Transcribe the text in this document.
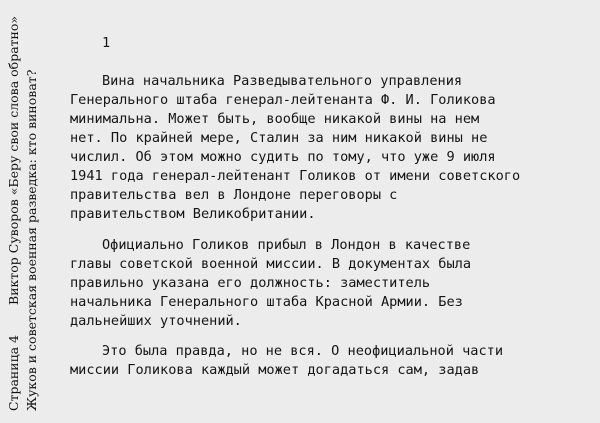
Страница 4Виктор Суворов «Беру свои слова обратно» Жуков и советская военная разведка: кто виноват?
1
Вина начальника Разведывательного управления
Генерального штаба генерал-лейтенанта Ф. И. Голикова
минимальна. Может быть, вообще никакой вины на нем
нет. По крайней мере, Сталин за ним никакой вины не
числил. Об этом можно судить по тому, что уже 9 июля
1941 года генерал-лейтенант Голиков от имени советского
правительства вел в Лондоне переговоры с
правительством Великобритании.
Официально Голиков прибыл в Лондон в качестве
главы советской военной миссии. В документах была
правильно указана его должность: заместитель
начальника Генерального штаба Красной Армии. Без
дальнейших уточнений.
Это была правда, но не вся. О неофициальной части
миссии Голикова каждый может догадаться сам, задав
